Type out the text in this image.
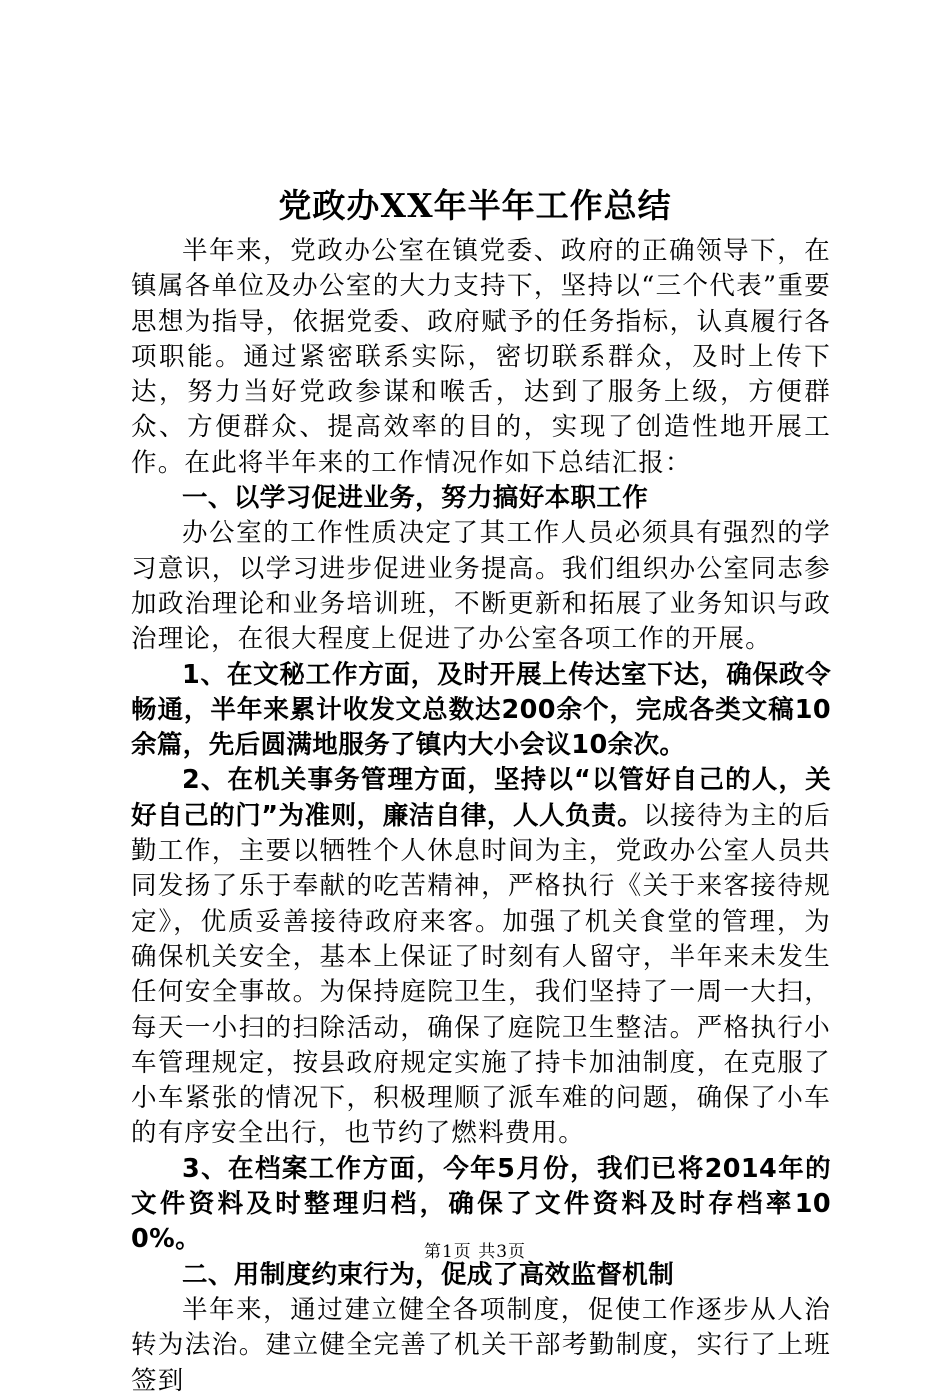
党政办XX年半年工作总结

半年来，党政办公室在镇党委、政府的正确领导下，在镇属各单位及办公室的大力支持下，坚持以“三个代表”重要思想为指导，依据党委、政府赋予的任务指标，认真履行各项职能。通过紧密联系实际，密切联系群众，及时上传下达，努力当好党政参谋和喉舌，达到了服务上级，方便群众、方便群众、提高效率的目的，实现了创造性地开展工作。在此将半年来的工作情况作如下总结汇报：

一、以学习促进业务，努力搞好本职工作

办公室的工作性质决定了其工作人员必须具有强烈的学习意识，以学习进步促进业务提高。我们组织办公室同志参加政治理论和业务培训班，不断更新和拓展了业务知识与政治理论，在很大程度上促进了办公室各项工作的开展。

1、在文秘工作方面，及时开展上传达室下达，确保政令畅通，半年来累计收发文总数达200余个，完成各类文稿10余篇，先后圆满地服务了镇内大小会议10余次。

2、在机关事务管理方面，坚持以“以管好自己的人，关好自己的门”为准则，廉洁自律，人人负责。以接待为主的后勤工作，主要以牺牲个人休息时间为主，党政办公室人员共同发扬了乐于奉献的吃苦精神，严格执行《关于来客接待规定》，优质妥善接待政府来客。加强了机关食堂的管理，为确保机关安全，基本上保证了时刻有人留守，半年来未发生任何安全事故。为保持庭院卫生，我们坚持了一周一大扫，每天一小扫的扫除活动，确保了庭院卫生整洁。严格执行小车管理规定，按县政府规定实施了持卡加油制度，在克服了小车紧张的情况下，积极理顺了派车难的问题，确保了小车的有序安全出行，也节约了燃料费用。

3、在档案工作方面，今年5月份，我们已将2014年的文件资料及时整理归档，确保了文件资料及时存档率100%。

二、用制度约束行为，促成了高效监督机制

半年来，通过建立健全各项制度，促使工作逐步从人治转为法治。建立健全完善了机关干部考勤制度，实行了上班签到

第1页 共3页
